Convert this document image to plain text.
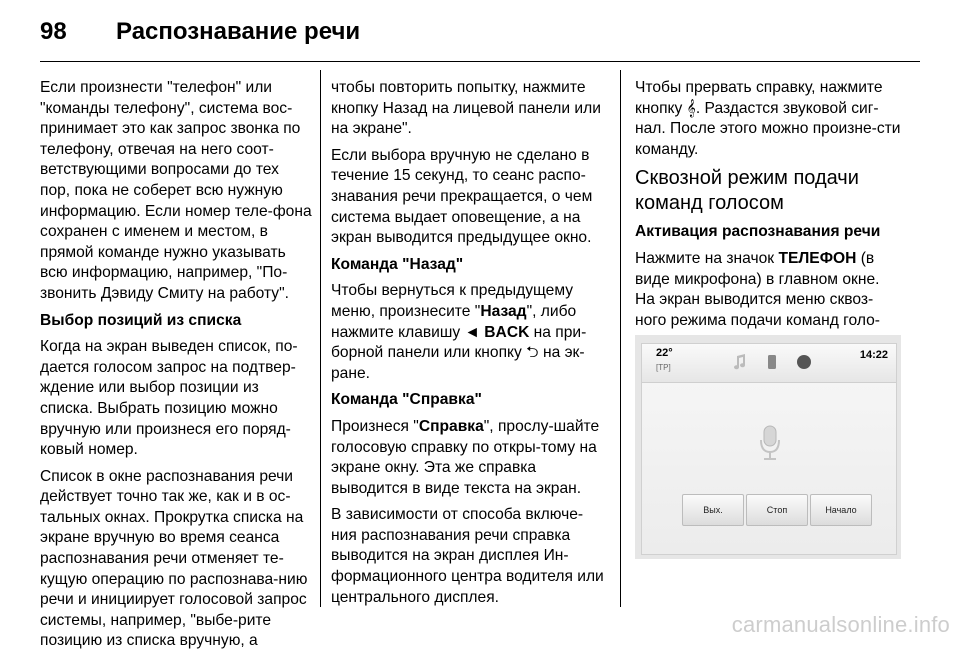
98	Распознавание речи

Если произнести "телефон" или "команды телефону", система вос-принимает это как запрос звонка по телефону, отвечая на него соот-ветствующими вопросами до тех пор, пока не соберет всю нужную информацию. Если номер теле-фона сохранен с именем и местом, в прямой команде нужно указывать всю информацию, например, "По-звонить Дэвиду Смиту на работу".

Выбор позиций из списка

Когда на экран выведен список, по-дается голосом запрос на подтвер-ждение или выбор позиции из списка. Выбрать позицию можно вручную или произнеся его поряд-ковый номер.

Список в окне распознавания речи действует точно так же, как и в ос-тальных окнах. Прокрутка списка на экране вручную во время сеанса распознавания речи отменяет те-кущую операцию по распознава-нию речи и инициирует голосовой запрос системы, например, "выбе-рите позицию из списка вручную, а

чтобы повторить попытку, нажмите кнопку Назад на лицевой панели или на экране".

Если выбора вручную не сделано в течение 15 секунд, то сеанс распо-знавания речи прекращается, о чем система выдает оповещение, а на экран выводится предыдущее окно.

Команда "Назад"

Чтобы вернуться к предыдущему меню, произнесите "Назад", либо нажмите клавишу ◄ BACK на при-борной панели или кнопку ⮌ на эк-ране.

Команда "Справка"

Произнеся "Справка", прослу-шайте голосовую справку по откры-тому на экране окну. Эта же справка выводится в виде текста на экран.

В зависимости от способа включе-ния распознавания речи справка выводится на экран дисплея Ин-формационного центра водителя или центрального дисплея.

Чтобы прервать справку, нажмите кнопку 𝄞. Раздастся звуковой сиг-нал. После этого можно произне-сти команду.

Сквозной режим подачи команд голосом

Активация распознавания речи

Нажмите на значок ТЕЛЕФОН (в виде микрофона) в главном окне. На экран выводится меню сквоз-ного режима подачи команд голо-

22°
[TP]
14:22
Вых.	Стоп	Начало
carmanualsonline.info
